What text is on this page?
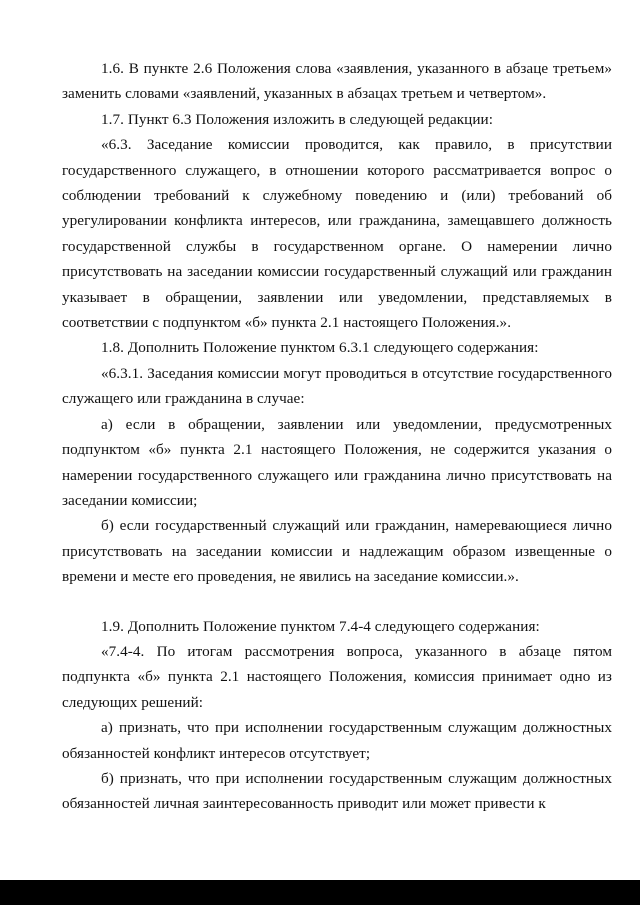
1.6. В пункте 2.6 Положения слова «заявления, указанного в абзаце третьем» заменить словами «заявлений, указанных в абзацах третьем и четвертом».

1.7. Пункт 6.3 Положения изложить в следующей редакции:

«6.3. Заседание комиссии проводится, как правило, в присутствии государственного служащего, в отношении которого рассматривается вопрос о соблюдении требований к служебному поведению и (или) требований об урегулировании конфликта интересов, или гражданина, замещавшего должность государственной службы в государственном органе. О намерении лично присутствовать на заседании комиссии государственный служащий или гражданин указывает в обращении, заявлении или уведомлении, представляемых в соответствии с подпунктом «б» пункта 2.1 настоящего Положения.».

1.8. Дополнить Положение пунктом 6.3.1 следующего содержания:

«6.3.1. Заседания комиссии могут проводиться в отсутствие государственного служащего или гражданина в случае:

а) если в обращении, заявлении или уведомлении, предусмотренных подпунктом «б» пункта 2.1 настоящего Положения, не содержится указания о намерении государственного служащего или гражданина лично присутствовать на заседании комиссии;

б) если государственный служащий или гражданин, намеревающиеся лично присутствовать на заседании комиссии и надлежащим образом извещенные о времени и месте его проведения, не явились на заседание комиссии.».

1.9. Дополнить Положение пунктом 7.4-4 следующего содержания:

«7.4-4. По итогам рассмотрения вопроса, указанного в абзаце пятом подпункта «б» пункта 2.1 настоящего Положения, комиссия принимает одно из следующих решений:

а) признать, что при исполнении государственным служащим должностных обязанностей конфликт интересов отсутствует;

б) признать, что при исполнении государственным служащим должностных обязанностей личная заинтересованность приводит или может привести к
